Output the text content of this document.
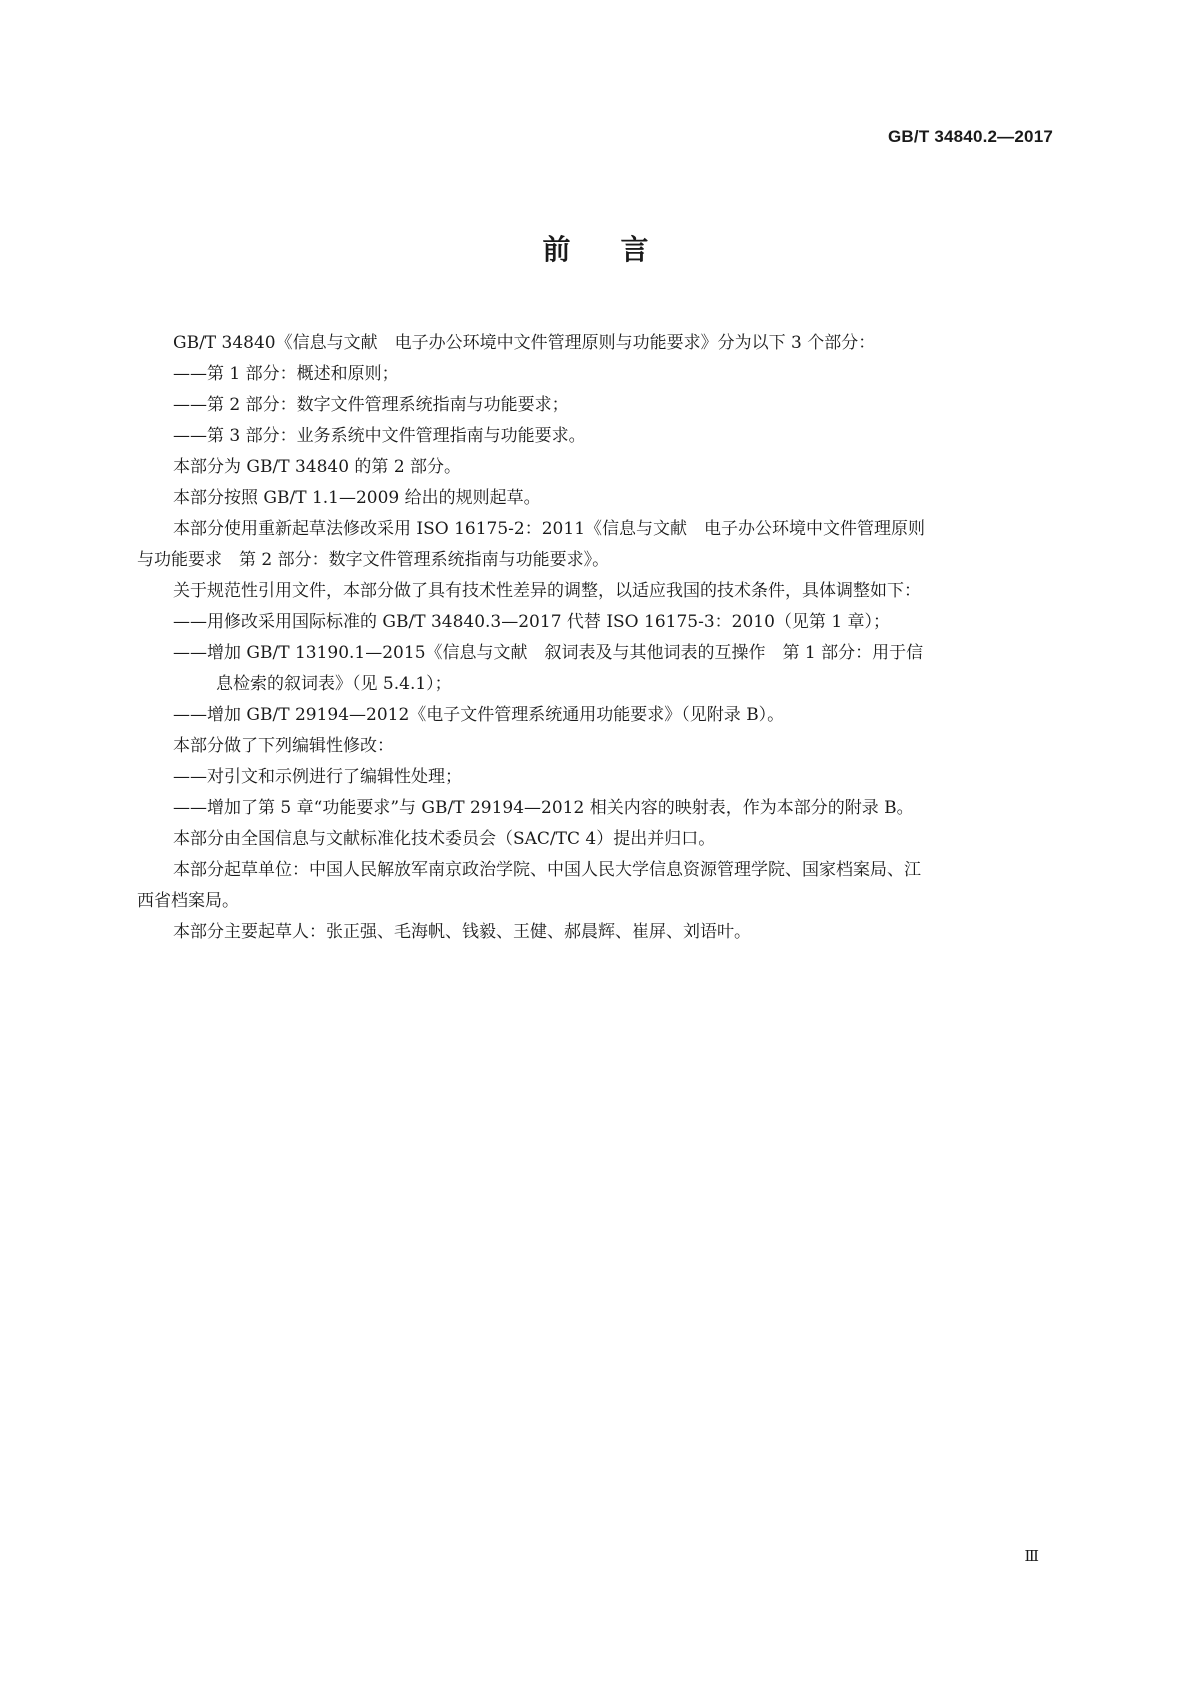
GB/T 34840.2—2017
前言
GB/T 34840《信息与文献　电子办公环境中文件管理原则与功能要求》分为以下 3 个部分：
——第 1 部分：概述和原则；
——第 2 部分：数字文件管理系统指南与功能要求；
——第 3 部分：业务系统中文件管理指南与功能要求。
本部分为 GB/T 34840 的第 2 部分。
本部分按照 GB/T 1.1—2009 给出的规则起草。
本部分使用重新起草法修改采用 ISO 16175-2：2011《信息与文献　电子办公环境中文件管理原则
与功能要求　第 2 部分：数字文件管理系统指南与功能要求》。
关于规范性引用文件，本部分做了具有技术性差异的调整，以适应我国的技术条件，具体调整如下：
——用修改采用国际标准的 GB/T 34840.3—2017 代替 ISO 16175-3：2010（见第 1 章）；
——增加 GB/T 13190.1—2015《信息与文献　叙词表及与其他词表的互操作　第 1 部分：用于信
息检索的叙词表》（见 5.4.1）；
——增加 GB/T 29194—2012《电子文件管理系统通用功能要求》（见附录 B）。
本部分做了下列编辑性修改：
——对引文和示例进行了编辑性处理；
——增加了第 5 章“功能要求”与 GB/T 29194—2012 相关内容的映射表，作为本部分的附录 B。
本部分由全国信息与文献标准化技术委员会（SAC/TC 4）提出并归口。
本部分起草单位：中国人民解放军南京政治学院、中国人民大学信息资源管理学院、国家档案局、江
西省档案局。
本部分主要起草人：张正强、毛海帆、钱毅、王健、郝晨辉、崔屏、刘语叶。
Ⅲ
